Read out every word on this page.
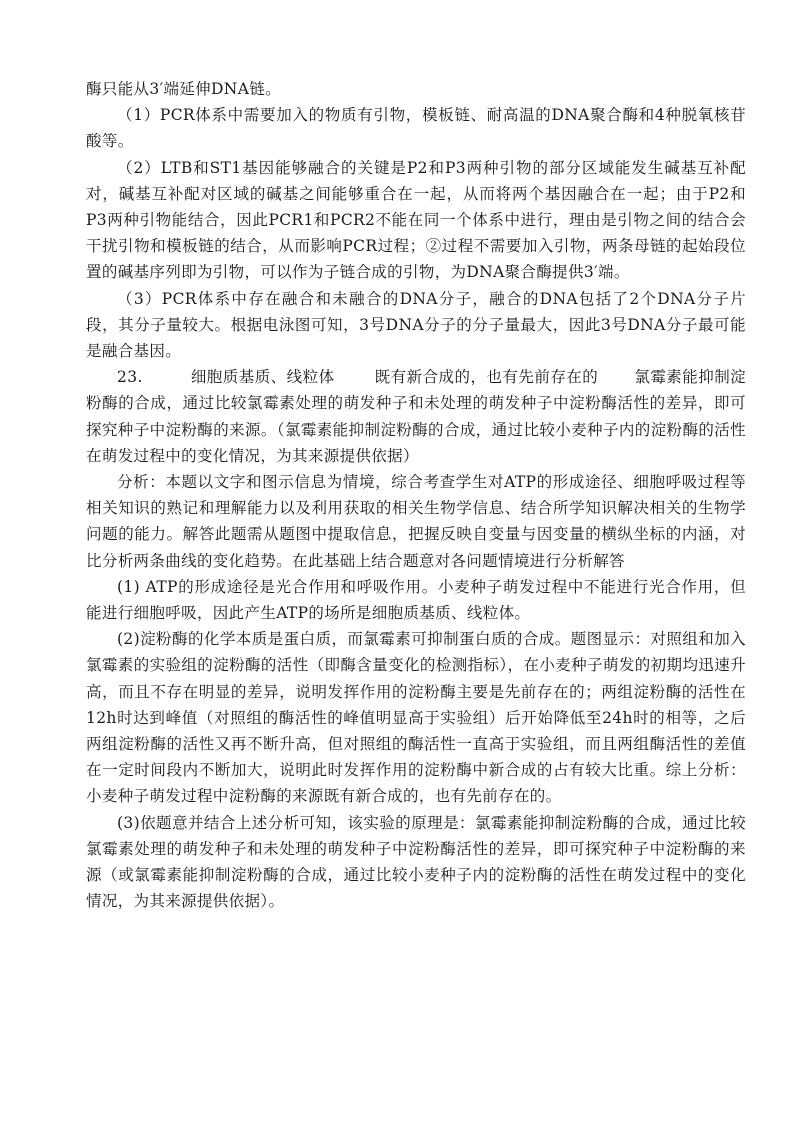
酶只能从3′端延伸DNA链。

（1）PCR体系中需要加入的物质有引物，模板链、耐高温的DNA聚合酶和4种脱氧核苷酸等。

（2）LTB和ST1基因能够融合的关键是P2和P3两种引物的部分区域能发生碱基互补配对，碱基互补配对区域的碱基之间能够重合在一起，从而将两个基因融合在一起；由于P2和P3两种引物能结合，因此PCR1和PCR2不能在同一个体系中进行，理由是引物之间的结合会干扰引物和模板链的结合，从而影响PCR过程；②过程不需要加入引物，两条母链的起始段位置的碱基序列即为引物，可以作为子链合成的引物，为DNA聚合酶提供3′端。

（3）PCR体系中存在融合和未融合的DNA分子，融合的DNA包括了2个DNA分子片段，其分子量较大。根据电泳图可知，3号DNA分子的分子量最大，因此3号DNA分子最可能是融合基因。

23.	细胞质基质、线粒体	既有新合成的，也有先前存在的 氯霉素能抑制淀粉酶的合成，通过比较氯霉素处理的萌发种子和未处理的萌发种子中淀粉酶活性的差异，即可探究种子中淀粉酶的来源。（氯霉素能抑制淀粉酶的合成，通过比较小麦种子内的淀粉酶的活性在萌发过程中的变化情况，为其来源提供依据）

分析：本题以文字和图示信息为情境，综合考查学生对ATP的形成途径、细胞呼吸过程等相关知识的熟记和理解能力以及利用获取的相关生物学信息、结合所学知识解决相关的生物学问题的能力。解答此题需从题图中提取信息，把握反映自变量与因变量的横纵坐标的内涵，对比分析两条曲线的变化趋势。在此基础上结合题意对各问题情境进行分析解答

(1) ATP的形成途径是光合作用和呼吸作用。小麦种子萌发过程中不能进行光合作用，但能进行细胞呼吸，因此产生ATP的场所是细胞质基质、线粒体。

(2)淀粉酶的化学本质是蛋白质，而氯霉素可抑制蛋白质的合成。题图显示：对照组和加入氯霉素的实验组的淀粉酶的活性（即酶含量变化的检测指标），在小麦种子萌发的初期均迅速升高，而且不存在明显的差异，说明发挥作用的淀粉酶主要是先前存在的；两组淀粉酶的活性在12h时达到峰值（对照组的酶活性的峰值明显高于实验组）后开始降低至24h时的相等，之后两组淀粉酶的活性又再不断升高，但对照组的酶活性一直高于实验组，而且两组酶活性的差值在一定时间段内不断加大，说明此时发挥作用的淀粉酶中新合成的占有较大比重。综上分析：小麦种子萌发过程中淀粉酶的来源既有新合成的，也有先前存在的。

(3)依题意并结合上述分析可知，该实验的原理是：氯霉素能抑制淀粉酶的合成，通过比较氯霉素处理的萌发种子和未处理的萌发种子中淀粉酶活性的差异，即可探究种子中淀粉酶的来源（或氯霉素能抑制淀粉酶的合成，通过比较小麦种子内的淀粉酶的活性在萌发过程中的变化情况，为其来源提供依据）。
